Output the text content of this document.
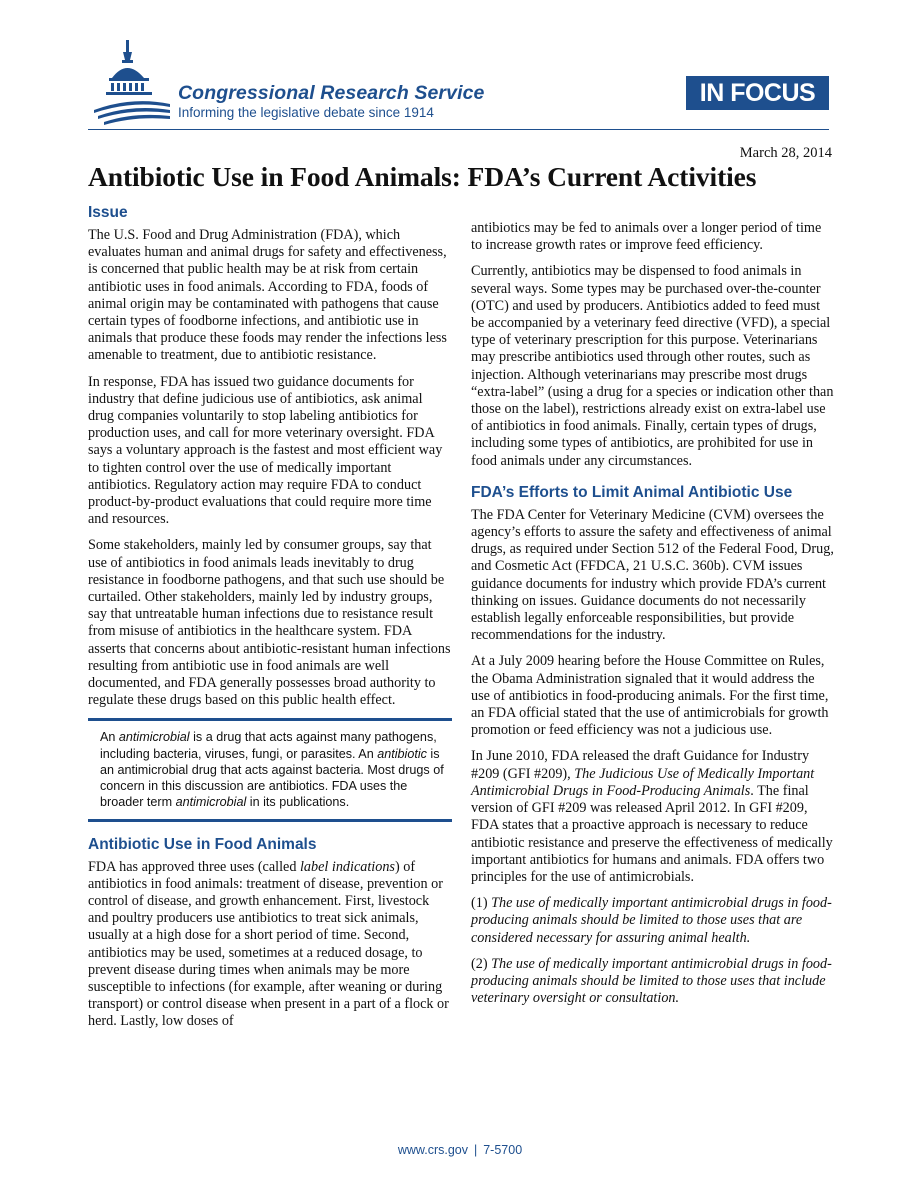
Congressional Research Service
Informing the legislative debate since 1914
IN FOCUS
March 28, 2014
Antibiotic Use in Food Animals: FDA’s Current Activities
Issue

The U.S. Food and Drug Administration (FDA), which evaluates human and animal drugs for safety and effectiveness, is concerned that public health may be at risk from certain antibiotic uses in food animals. According to FDA, foods of animal origin may be contaminated with pathogens that cause certain types of foodborne infections, and antibiotic use in animals that produce these foods may render the infections less amenable to treatment, due to antibiotic resistance.

In response, FDA has issued two guidance documents for industry that define judicious use of antibiotics, ask animal drug companies voluntarily to stop labeling antibiotics for production uses, and call for more veterinary oversight. FDA says a voluntary approach is the fastest and most efficient way to tighten control over the use of medically important antibiotics. Regulatory action may require FDA to conduct product-by-product evaluations that could require more time and resources.

Some stakeholders, mainly led by consumer groups, say that use of antibiotics in food animals leads inevitably to drug resistance in foodborne pathogens, and that such use should be curtailed. Other stakeholders, mainly led by industry groups, say that untreatable human infections due to resistance result from misuse of antibiotics in the healthcare system. FDA asserts that concerns about antibiotic-resistant human infections resulting from antibiotic use in food animals are well documented, and FDA generally possesses broad authority to regulate these drugs based on this public health effect.

An antimicrobial is a drug that acts against many pathogens, including bacteria, viruses, fungi, or parasites. An antibiotic is an antimicrobial drug that acts against bacteria. Most drugs of concern in this discussion are antibiotics. FDA uses the broader term antimicrobial in its publications.
Antibiotic Use in Food Animals

FDA has approved three uses (called label indications) of antibiotics in food animals: treatment of disease, prevention or control of disease, and growth enhancement. First, livestock and poultry producers use antibiotics to treat sick animals, usually at a high dose for a short period of time. Second, antibiotics may be used, sometimes at a reduced dosage, to prevent disease during times when animals may be more susceptible to infections (for example, after weaning or during transport) or control disease when present in a part of a flock or herd. Lastly, low doses of

antibiotics may be fed to animals over a longer period of time to increase growth rates or improve feed efficiency.

Currently, antibiotics may be dispensed to food animals in several ways. Some types may be purchased over-the-counter (OTC) and used by producers. Antibiotics added to feed must be accompanied by a veterinary feed directive (VFD), a special type of veterinary prescription for this purpose. Veterinarians may prescribe antibiotics used through other routes, such as injection. Although veterinarians may prescribe most drugs “extra-label” (using a drug for a species or indication other than those on the label), restrictions already exist on extra-label use of antibiotics in food animals. Finally, certain types of drugs, including some types of antibiotics, are prohibited for use in food animals under any circumstances.

FDA’s Efforts to Limit Animal Antibiotic Use

The FDA Center for Veterinary Medicine (CVM) oversees the agency’s efforts to assure the safety and effectiveness of animal drugs, as required under Section 512 of the Federal Food, Drug, and Cosmetic Act (FFDCA, 21 U.S.C. 360b). CVM issues guidance documents for industry which provide FDA’s current thinking on issues. Guidance documents do not necessarily establish legally enforceable responsibilities, but provide recommendations for the industry.

At a July 2009 hearing before the House Committee on Rules, the Obama Administration signaled that it would address the use of antibiotics in food-producing animals. For the first time, an FDA official stated that the use of antimicrobials for growth promotion or feed efficiency was not a judicious use.

In June 2010, FDA released the draft Guidance for Industry #209 (GFI #209), The Judicious Use of Medically Important Antimicrobial Drugs in Food-Producing Animals. The final version of GFI #209 was released April 2012. In GFI #209, FDA states that a proactive approach is necessary to reduce antibiotic resistance and preserve the effectiveness of medically important antibiotics for humans and animals. FDA offers two principles for the use of antimicrobials.

(1) The use of medically important antimicrobial drugs in food-producing animals should be limited to those uses that are considered necessary for assuring animal health.

(2) The use of medically important antimicrobial drugs in food-producing animals should be limited to those uses that include veterinary oversight or consultation.

www.crs.gov | 7-5700
